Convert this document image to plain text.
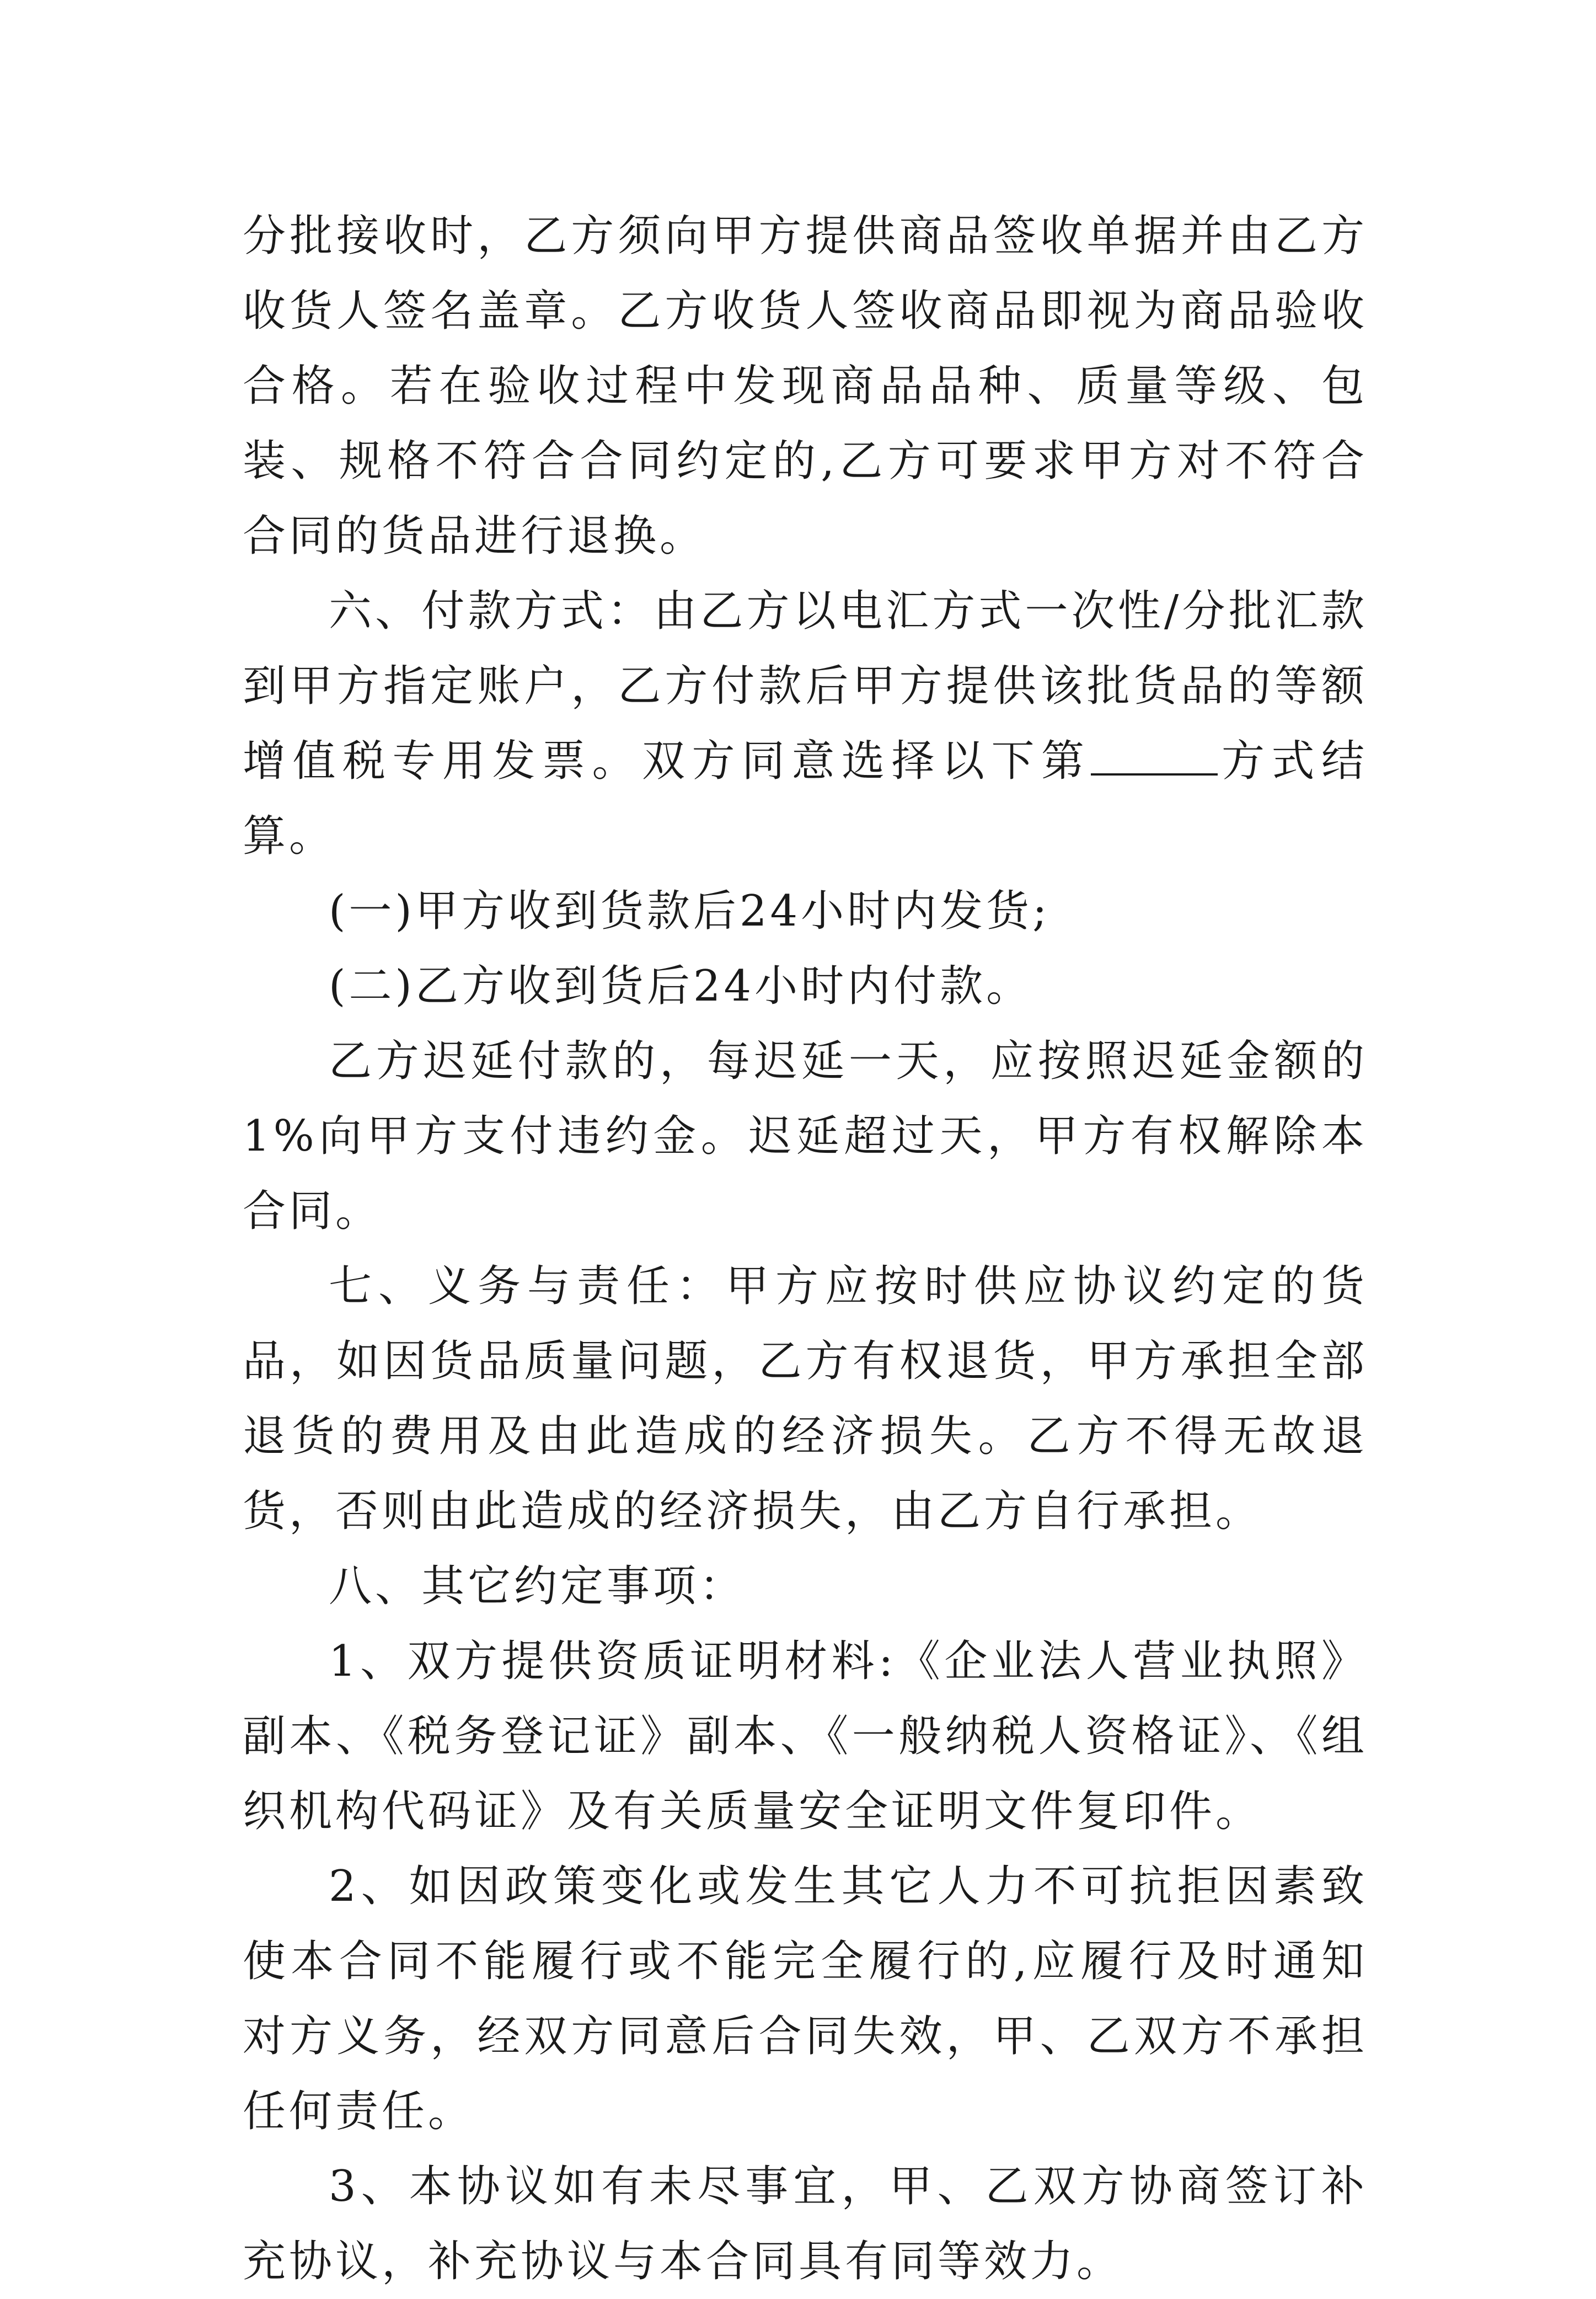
分批接收时，乙方须向甲方提供商品签收单据并由乙方收货人签名盖章。乙方收货人签收商品即视为商品验收合格。若在验收过程中发现商品品种、质量等级、包装、规格不符合合同约定的,乙方可要求甲方对不符合合同的货品进行退换。

六、付款方式：由乙方以电汇方式一次性/分批汇款到甲方指定账户，乙方付款后甲方提供该批货品的等额增值税专用发票。双方同意选择以下第	方式结算。

(一)甲方收到货款后24小时内发货;

(二)乙方收到货后24小时内付款。

乙方迟延付款的，每迟延一天，应按照迟延金额的1%向甲方支付违约金。迟延超过天，甲方有权解除本合同。

七、义务与责任：甲方应按时供应协议约定的货品，如因货品质量问题，乙方有权退货，甲方承担全部退货的费用及由此造成的经济损失。乙方不得无故退货，否则由此造成的经济损失，由乙方自行承担。

八、其它约定事项：

1、双方提供资质证明材料:《企业法人营业执照》副本、《税务登记证》副本、《一般纳税人资格证》、《组织机构代码证》及有关质量安全证明文件复印件。

2、如因政策变化或发生其它人力不可抗拒因素致使本合同不能履行或不能完全履行的,应履行及时通知对方义务，经双方同意后合同失效，甲、乙双方不承担任何责任。

3、本协议如有未尽事宜，甲、乙双方协商签订补充协议，补充协议与本合同具有同等效力。
